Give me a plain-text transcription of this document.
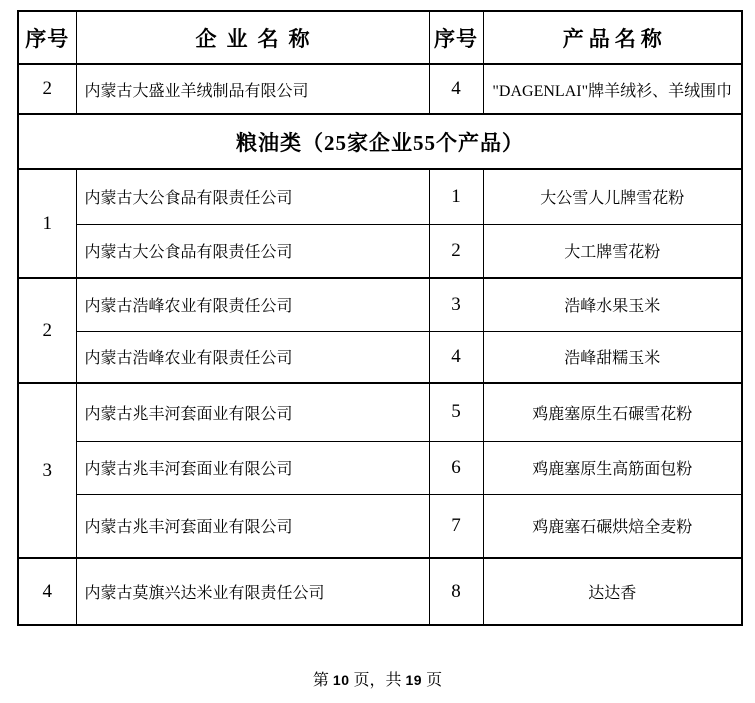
序号	企业名称	序号	产品名称
2	内蒙古大盛业羊绒制品有限公司	4	"DAGENLAI"牌羊绒衫、羊绒围巾
粮油类（25家企业55个产品）			
1	内蒙古大公食品有限责任公司	1	大公雪人儿牌雪花粉
	内蒙古大公食品有限责任公司	2	大工牌雪花粉
2	内蒙古浩峰农业有限责任公司	3	浩峰水果玉米
	内蒙古浩峰农业有限责任公司	4	浩峰甜糯玉米
3	内蒙古兆丰河套面业有限公司	5	鸡鹿塞原生石碾雪花粉
	内蒙古兆丰河套面业有限公司	6	鸡鹿塞原生高筋面包粉
	内蒙古兆丰河套面业有限公司	7	鸡鹿塞石碾烘焙全麦粉
4	内蒙古莫旗兴达米业有限责任公司	8	达达香
第 10 页，共 19 页
